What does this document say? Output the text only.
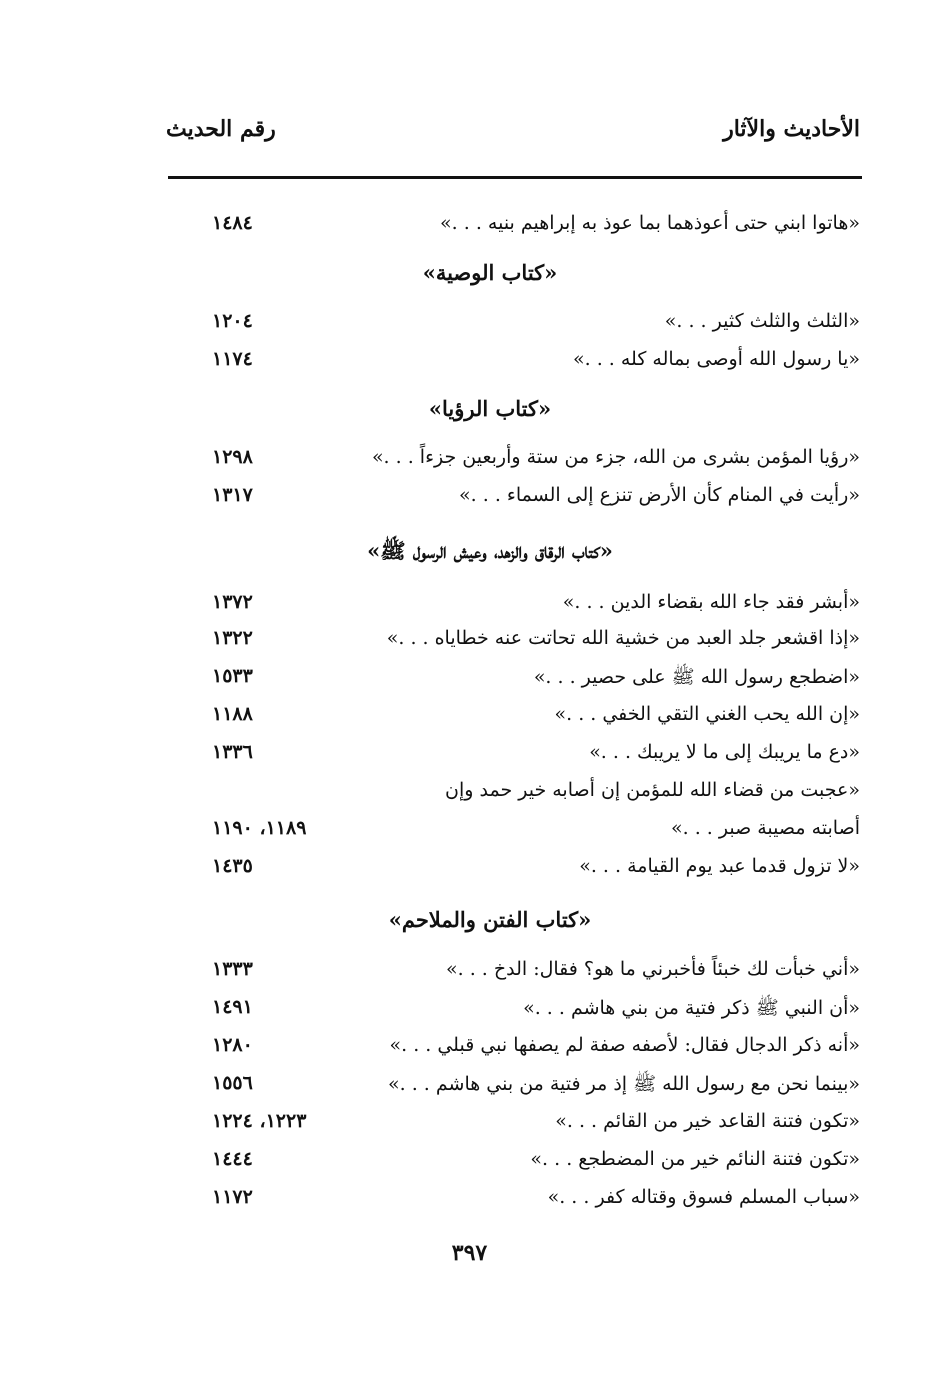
الأحاديث والآثار
رقم الحديث
«هاتوا ابني حتى أعوذهما بما عوذ به إبراهيم بنيه . . .»
١٤٨٤
«كتاب الوصية»
«الثلث والثلث كثير . . .»
١٢٠٤
«يا رسول الله أوصى بماله كله . . .»
١١٧٤
«كتاب الرؤيا»
«رؤيا المؤمن بشرى من الله، جزء من ستة وأربعين جزءاً . . .»
١٢٩٨
«رأيت في المنام كأن الأرض تنزع إلى السماء . . .»
١٣١٧
«كتاب الرقاق والزهد، وعيش الرسول ﷺ»
«أبشر فقد جاء الله بقضاء الدين . . .»
١٣٧٢
«إذا اقشعر جلد العبد من خشية الله تحاتت عنه خطاياه . . .»
١٣٢٢
«اضطجع رسول الله ﷺ على حصير . . .»
١٥٣٣
«إن الله يحب الغني التقي الخفي . . .»
١١٨٨
«دع ما يريبك إلى ما لا يريبك . . .»
١٣٣٦
«عجبت من قضاء الله للمؤمن إن أصابه خير حمد وإن
أصابته مصيبة صبر . . .»
١١٨٩، ١١٩٠
«لا تزول قدما عبد يوم القيامة . . .»
١٤٣٥
«كتاب الفتن والملاحم»
«أني خبأت لك خبئاً فأخبرني ما هو؟ فقال: الدخ . . .»
١٣٣٣
«أن النبي ﷺ ذكر فتية من بني هاشم . . .»
١٤٩١
«أنه ذكر الدجال فقال: لأصفه صفة لم يصفها نبي قبلي . . .»
١٢٨٠
«بينما نحن مع رسول الله ﷺ إذ مر فتية من بني هاشم . . .»
١٥٥٦
«تكون فتنة القاعد خير من القائم . . .»
١٢٢٣، ١٢٢٤
«تكون فتنة النائم خير من المضطجع . . .»
١٤٤٤
«سباب المسلم فسوق وقتاله كفر . . .»
١١٧٢
٣٩٧
